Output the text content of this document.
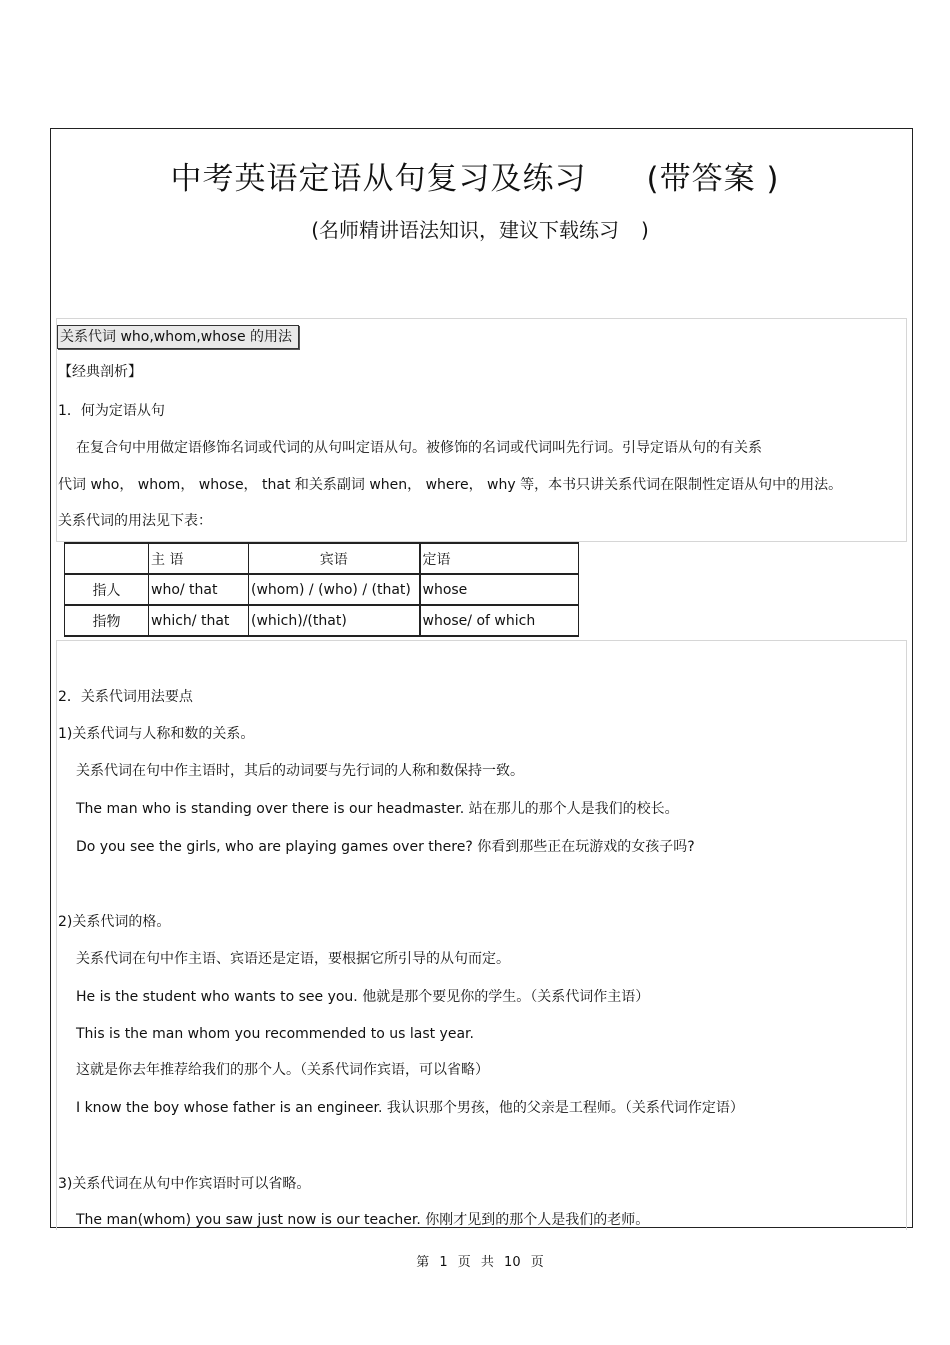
中考英语定语从句复习及练习 (带答案 )
(名师精讲语法知识，建议下载练习 )
关系代词 who,whom,whose 的用法
【经典剖析】
1．何为定语从句
在复合句中用做定语修饰名词或代词的从句叫定语从句。被修饰的名词或代词叫先行词。引导定语从句的有关系
代词 who， whom， whose， that 和关系副词 when， where， why 等，本书只讲关系代词在限制性定语从句中的用法。
关系代词的用法见下表：
	主 语	宾语	定语
指人	who/ that	(whom) / (who) / (that)	whose
指物	which/ that	(which)/(that)	whose/ of which
2．关系代词用法要点
1)关系代词与人称和数的关系。
关系代词在句中作主语时，其后的动词要与先行词的人称和数保持一致。
The man who is standing over there is our headmaster. 站在那儿的那个人是我们的校长。
Do you see the girls, who are playing games over there? 你看到那些正在玩游戏的女孩子吗?
2)关系代词的格。
关系代词在句中作主语、宾语还是定语，要根据它所引导的从句而定。
He is the student who wants to see you. 他就是那个要见你的学生。（关系代词作主语）
This is the man whom you recommended to us last year.
这就是你去年推荐给我们的那个人。（关系代词作宾语，可以省略）
I know the boy whose father is an engineer. 我认识那个男孩，他的父亲是工程师。（关系代词作定语）
3)关系代词在从句中作宾语时可以省略。
The man(whom) you saw just now is our teacher. 你刚才见到的那个人是我们的老师。
第 1 页 共 10 页
